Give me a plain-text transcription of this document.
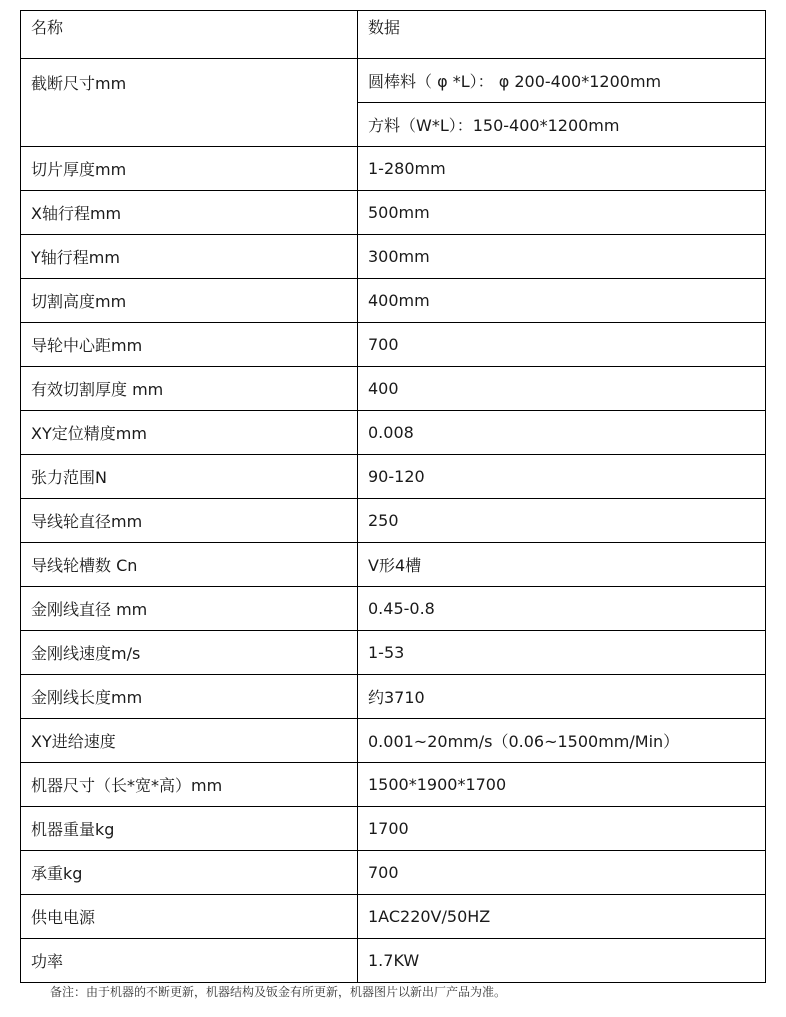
名称	数据
截断尺寸mm	圆棒料（ φ *L）： φ 200-400*1200mm
	方料（W*L）：150-400*1200mm
切片厚度mm	1-280mm
X轴行程mm	500mm
Y轴行程mm	300mm
切割高度mm	400mm
导轮中心距mm	700
有效切割厚度 mm	400
XY定位精度mm	0.008
张力范围N	90-120
导线轮直径mm	250
导线轮槽数 Cn	V形4槽
金刚线直径 mm	0.45-0.8
金刚线速度m/s	1-53
金刚线长度mm	约3710
XY进给速度	0.001~20mm/s（0.06~1500mm/Min）
机器尺寸（长*宽*高）mm	1500*1900*1700
机器重量kg	1700
承重kg	700
供电电源	1AC220V/50HZ
功率	1.7KW
备注：由于机器的不断更新，机器结构及钣金有所更新，机器图片以新出厂产品为准。
